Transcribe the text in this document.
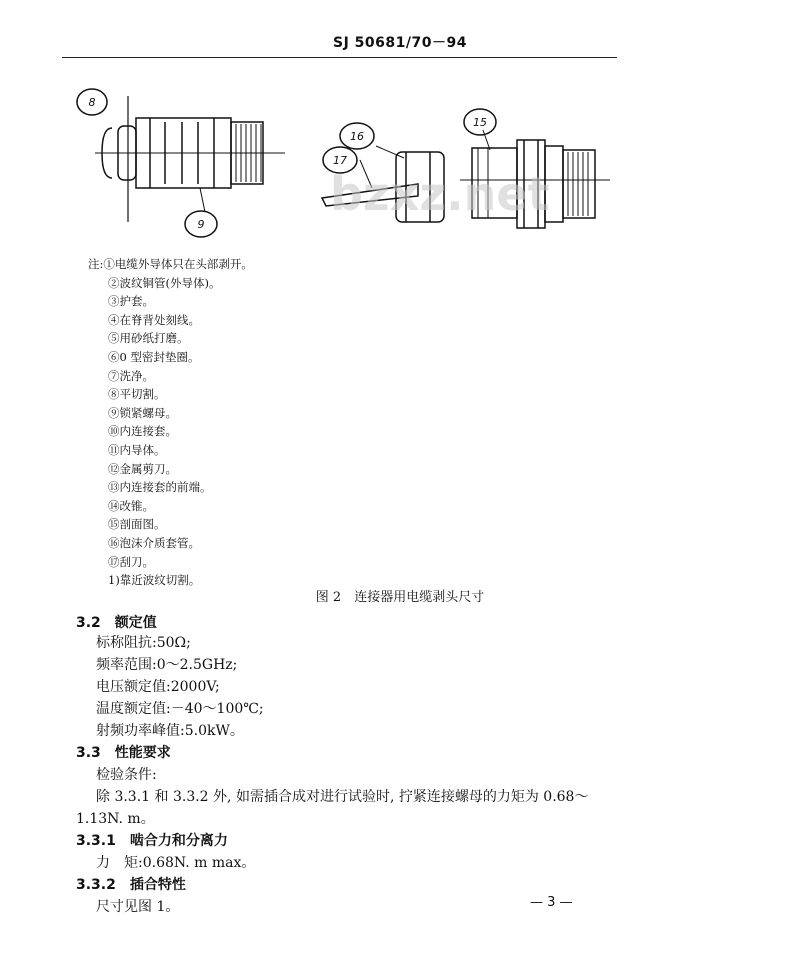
SJ 50681/70－94
8
9
16
17
15
bzxz.net
注:①电缆外导体只在头部剥开。
②波纹铜管(外导体)。
③护套。
④在脊背处刻线。
⑤用砂纸打磨。
⑥0 型密封垫圈。
⑦洗净。
⑧平切割。
⑨锁紧螺母。
⑩内连接套。
⑪内导体。
⑫金属剪刀。
⑬内连接套的前端。
⑭改锥。
⑮剖面图。
⑯泡沫介质套管。
⑰刮刀。
1)靠近波纹切割。
图 2　连接器用电缆剥头尺寸
3.2　额定值
标称阻抗:50Ω;
频率范围:0～2.5GHz;
电压额定值:2000V;
温度额定值:－40～100℃;
射频功率峰值:5.0kW。
3.3　性能要求
检验条件:
除 3.3.1 和 3.3.2 外, 如需插合成对进行试验时, 拧紧连接螺母的力矩为 0.68～
1.13N. m。
3.3.1　啮合力和分离力
力　矩:0.68N. m max。
3.3.2　插合特性
尺寸见图 1。	— 3 —
